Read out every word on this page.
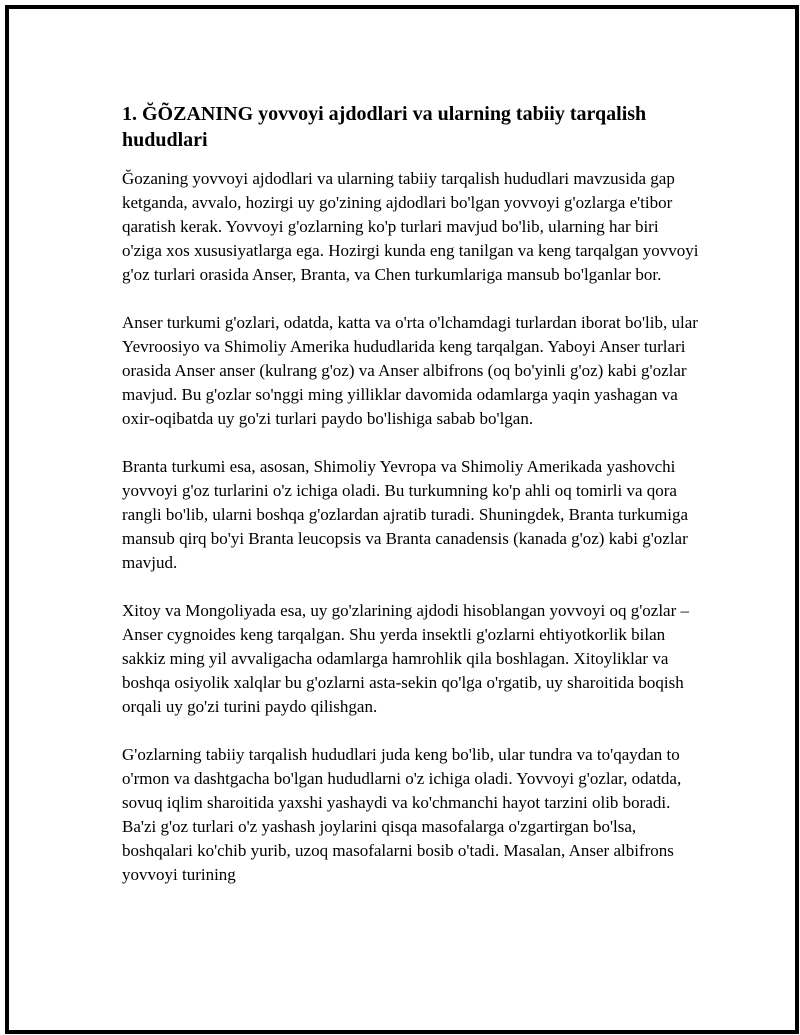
1. ĞÕZANING yovvoyi ajdodlari va ularning tabiiy tarqalish hududlari

Ğozaning yovvoyi ajdodlari va ularning tabiiy tarqalish hududlari mavzusida gap ketganda, avvalo, hozirgi uy go'zining ajdodlari bo'lgan yovvoyi g'ozlarga e'tibor qaratish kerak. Yovvoyi g'ozlarning ko'p turlari mavjud bo'lib, ularning har biri o'ziga xos xususiyatlarga ega. Hozirgi kunda eng tanilgan va keng tarqalgan yovvoyi g'oz turlari orasida Anser, Branta, va Chen turkumlariga mansub bo'lganlar bor.

Anser turkumi g'ozlari, odatda, katta va o'rta o'lchamdagi turlardan iborat bo'lib, ular Yevroosiyo va Shimoliy Amerika hududlarida keng tarqalgan. Yaboyi Anser turlari orasida Anser anser (kulrang g'oz) va Anser albifrons (oq bo'yinli g'oz) kabi g'ozlar mavjud. Bu g'ozlar so'nggi ming yilliklar davomida odamlarga yaqin yashagan va oxir-oqibatda uy go'zi turlari paydo bo'lishiga sabab bo'lgan.

Branta turkumi esa, asosan, Shimoliy Yevropa va Shimoliy Amerikada yashovchi yovvoyi g'oz turlarini o'z ichiga oladi. Bu turkumning ko'p ahli oq tomirli va qora rangli bo'lib, ularni boshqa g'ozlardan ajratib turadi. Shuningdek, Branta turkumiga mansub qirq bo'yi Branta leucopsis va Branta canadensis (kanada g'oz) kabi g'ozlar mavjud.

Xitoy va Mongoliyada esa, uy go'zlarining ajdodi hisoblangan yovvoyi oq g'ozlar – Anser cygnoides keng tarqalgan. Shu yerda insektli g'ozlarni ehtiyotkorlik bilan sakkiz ming yil avvaligacha odamlarga hamrohlik qila boshlagan. Xitoyliklar va boshqa osiyolik xalqlar bu g'ozlarni asta-sekin qo'lga o'rgatib, uy sharoitida boqish orqali uy go'zi turini paydo qilishgan.

G'ozlarning tabiiy tarqalish hududlari juda keng bo'lib, ular tundra va to'qaydan to o'rmon va dashtgacha bo'lgan hududlarni o'z ichiga oladi. Yovvoyi g'ozlar, odatda, sovuq iqlim sharoitida yaxshi yashaydi va ko'chmanchi hayot tarzini olib boradi. Ba'zi g'oz turlari o'z yashash joylarini qisqa masofalarga o'zgartirgan bo'lsa, boshqalari ko'chib yurib, uzoq masofalarni bosib o'tadi. Masalan, Anser albifrons yovvoyi turining
